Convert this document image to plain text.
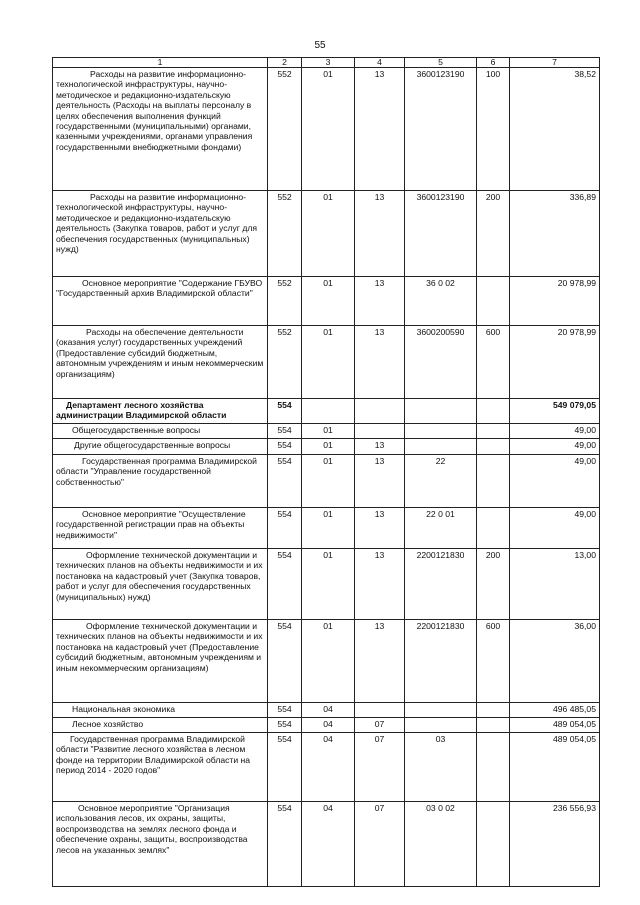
55
1	2	3	4	5	6	7

Расходы на развитие информационно-технологической инфраструктуры, научно-методическое и редакционно-издательскую деятельность (Расходы на выплаты персоналу в целях обеспечения выполнения функций государственными (муниципальными) органами, казенными учреждениями, органами управления государственными внебюджетными фондами)	552	01	13	3600123190	100	38,52

Расходы на развитие информационно-технологической инфраструктуры, научно-методическое и редакционно-издательскую деятельность (Закупка товаров, работ и услуг для обеспечения государственных (муниципальных) нужд)	552	01	13	3600123190	200	336,89

Основное мероприятие "Содержание ГБУВО "Государственный архив Владимирской области"	552	01	13	36 0 02		20 978,99

Расходы на обеспечение деятельности (оказания услуг) государственных учреждений (Предоставление субсидий бюджетным, автономным учреждениям и иным некоммерческим организациям)	552	01	13	3600200590	600	20 978,99

Департамент лесного хозяйства администрации Владимирской области	554					549 079,05

Общегосударственные вопросы	554	01				49,00

Другие общегосударственные вопросы	554	01	13			49,00

Государственная программа Владимирской области "Управление государственной собственностью"	554	01	13	22		49,00

Основное мероприятие "Осуществление государственной регистрации прав на объекты недвижимости"	554	01	13	22 0 01		49,00

Оформление технической документации и технических планов на объекты недвижимости и их постановка на кадастровый учет (Закупка товаров, работ и услуг для обеспечения государственных (муниципальных) нужд)	554	01	13	2200121830	200	13,00

Оформление технической документации и технических планов на объекты недвижимости и их постановка на кадастровый учет (Предоставление субсидий бюджетным, автономным учреждениям и иным некоммерческим организациям)	554	01	13	2200121830	600	36,00

Национальная экономика	554	04				496 485,05

Лесное хозяйство	554	04	07			489 054,05

Государственная программа Владимирской области "Развитие лесного хозяйства в лесном фонде на территории Владимирской области на период 2014 - 2020 годов"	554	04	07	03		489 054,05

Основное мероприятие "Организация использования лесов, их охраны, защиты, воспроизводства на землях лесного фонда и обеспечение охраны, защиты, воспроизводства лесов на указанных землях"	554	04	07	03 0 02		236 556,93
